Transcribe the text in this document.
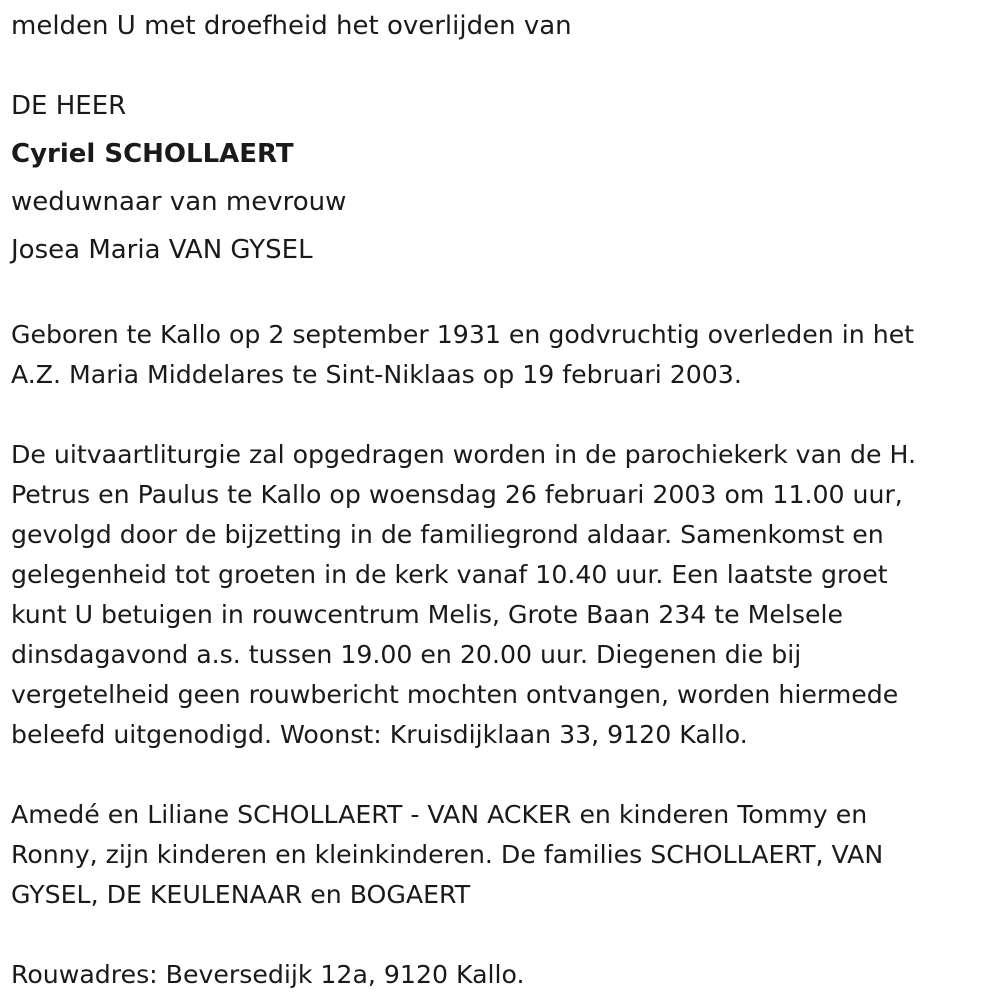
melden U met droefheid het overlijden van

DE HEER

Cyriel SCHOLLAERT

weduwnaar van mevrouw

Josea Maria VAN GYSEL

Geboren te Kallo op 2 september 1931 en godvruchtig overleden in het

A.Z. Maria Middelares te Sint-Niklaas op 19 februari 2003.

De uitvaartliturgie zal opgedragen worden in de parochiekerk van de H.

Petrus en Paulus te Kallo op woensdag 26 februari 2003 om 11.00 uur,

gevolgd door de bijzetting in de familiegrond aldaar. Samenkomst en

gelegenheid tot groeten in de kerk vanaf 10.40 uur. Een laatste groet

kunt U betuigen in rouwcentrum Melis, Grote Baan 234 te Melsele

dinsdagavond a.s. tussen 19.00 en 20.00 uur. Diegenen die bij

vergetelheid geen rouwbericht mochten ontvangen, worden hiermede

beleefd uitgenodigd. Woonst: Kruisdijklaan 33, 9120 Kallo.

Amedé en Liliane SCHOLLAERT - VAN ACKER en kinderen Tommy en

Ronny, zijn kinderen en kleinkinderen. De families SCHOLLAERT, VAN

GYSEL, DE KEULENAAR en BOGAERT

Rouwadres: Beversedijk 12a, 9120 Kallo.
